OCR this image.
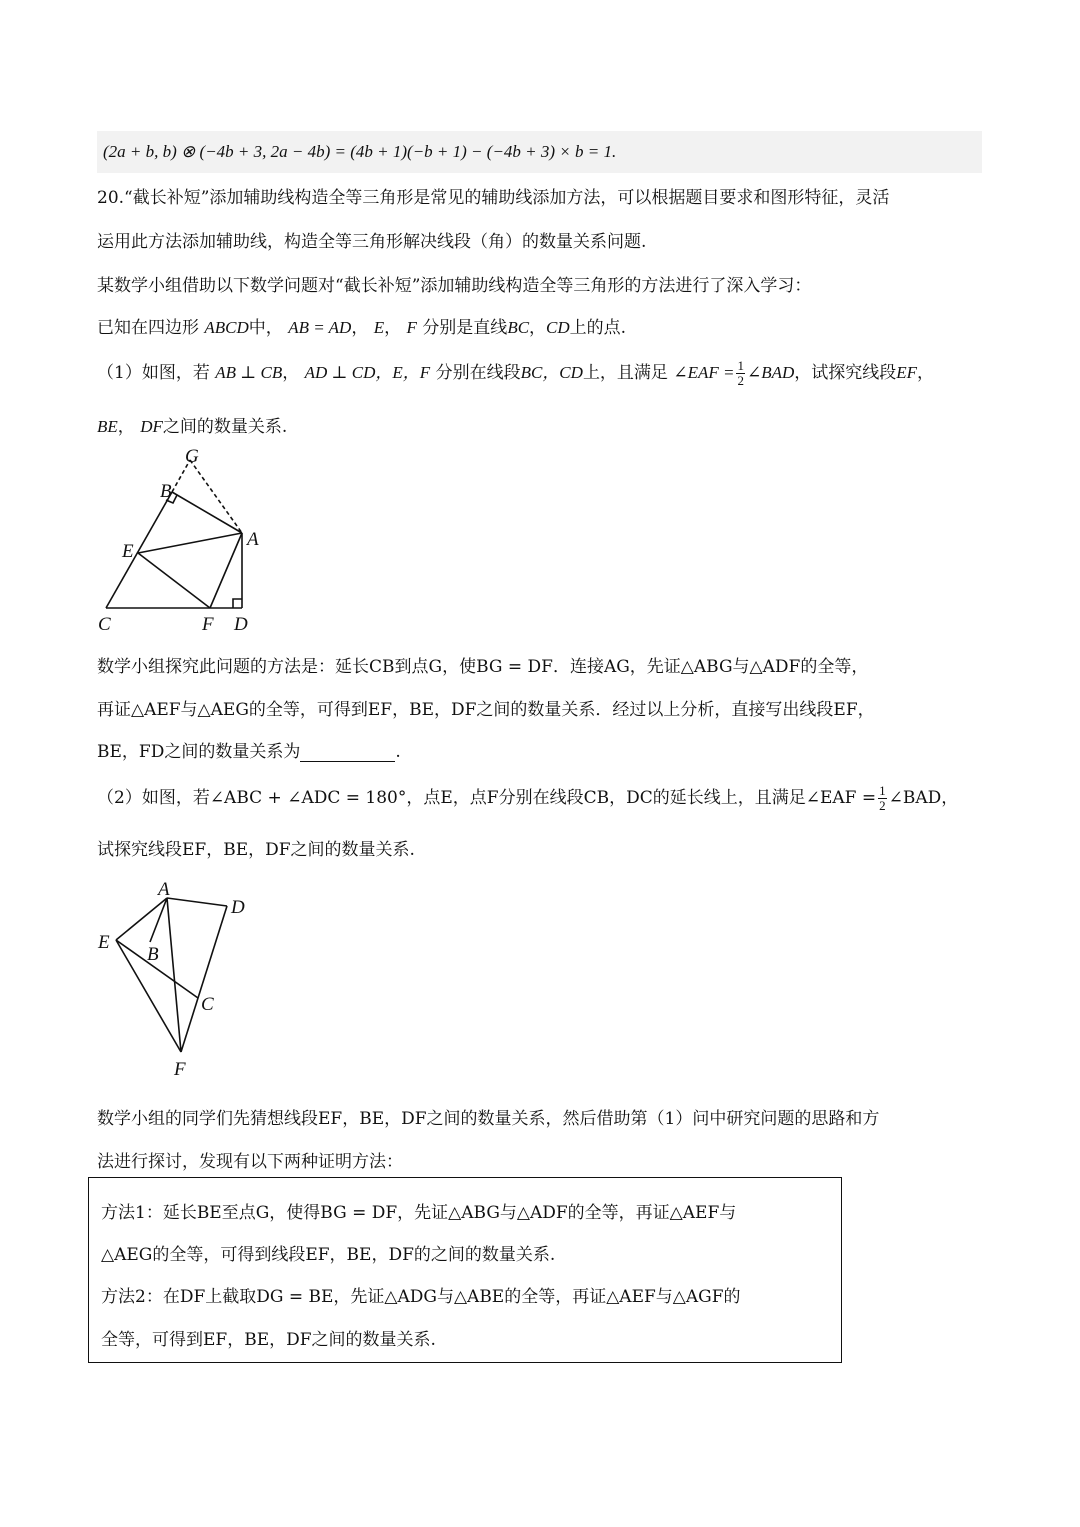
(2a + b, b) ⊗ (−4b + 3, 2a − 4b) = (4b + 1)(−b + 1) − (−4b + 3) × b = 1.
20.“截长补短”添加辅助线构造全等三角形是常见的辅助线添加方法，可以根据题目要求和图形特征，灵活
运用此方法添加辅助线，构造全等三角形解决线段（角）的数量关系问题.
某数学小组借助以下数学问题对“截长补短”添加辅助线构造全等三角形的方法进行了深入学习：
已知在四边形 ABCD中， AB = AD， E， F 分别是直线BC，CD上的点.
（1）如图，若 AB ⊥ CB， AD ⊥ CD，E，F 分别在线段BC，CD上，且满足 ∠EAF = $\frac{1}{2}$ ∠BAD，试探究线段EF，
BE， DF之间的数量关系.
G
B
A
E
C	F D
数学小组探究此问题的方法是：延长CB到点G，使BG = DF．连接AG，先证△ABG与△ADF的全等，
再证△AEF与△AEG的全等，可得到EF，BE，DF之间的数量关系．经过以上分析，直接写出线段EF，
BE，FD之间的数量关系为	.
（2）如图，若∠ABC + ∠ADC = 180°，点E，点F分别在线段CB，DC的延长线上，且满足∠EAF = $\frac{1}{2}$ ∠BAD，
试探究线段EF，BE，DF之间的数量关系.
A
D
E
B
C
F
数学小组的同学们先猜想线段EF，BE，DF之间的数量关系，然后借助第（1）问中研究问题的思路和方
法进行探讨，发现有以下两种证明方法：
方法1：延长BE至点G，使得BG = DF，先证△ABG与△ADF的全等，再证△AEF与
△AEG的全等，可得到线段EF，BE，DF的之间的数量关系.
方法2：在DF上截取DG = BE，先证△ADG与△ABE的全等，再证△AEF与△AGF的
全等，可得到EF，BE，DF之间的数量关系.
